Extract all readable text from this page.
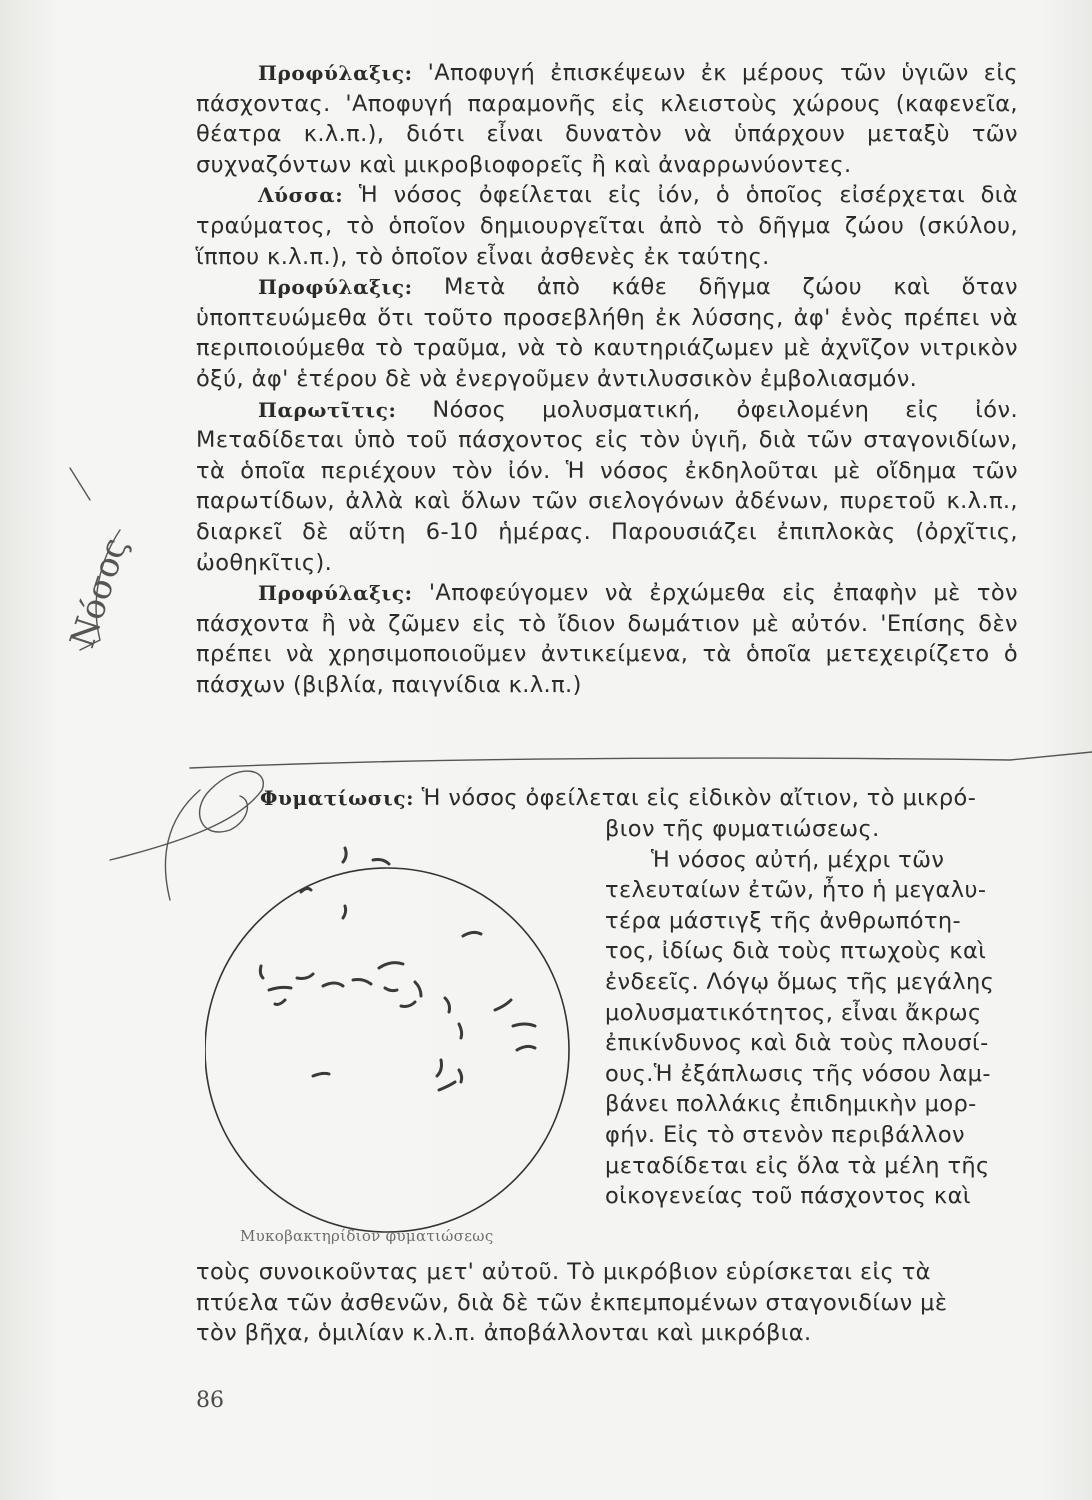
Προφύλαξις: 'Αποφυγή ἐπισκέψεων ἐκ μέρους τῶν ὑγιῶν εἰς πάσχοντας. 'Αποφυγή παραμονῆς εἰς κλειστοὺς χώρους (καφενεῖα, θέατρα κ.λ.π.), διότι εἶναι δυνατὸν νὰ ὑπάρχουν μεταξὺ τῶν συχναζόντων καὶ μικροβιοφορεῖς ἢ καὶ ἀναρρωνύοντες.

Λύσσα: Ἡ νόσος ὀφείλεται εἰς ἰόν, ὁ ὁποῖος εἰσέρχεται διὰ τραύματος, τὸ ὁποῖον δημιουργεῖται ἀπὸ τὸ δῆγμα ζώου (σκύλου, ἵππου κ.λ.π.), τὸ ὁποῖον εἶναι ἀσθενὲς ἐκ ταύτης.

Προφύλαξις: Μετὰ ἀπὸ κάθε δῆγμα ζώου καὶ ὅταν ὑποπτευώμεθα ὅτι τοῦτο προσεβλήθη ἐκ λύσσης, ἀφ' ἑνὸς πρέπει νὰ περιποιούμεθα τὸ τραῦμα, νὰ τὸ καυτηριάζωμεν μὲ ἀχνῖζον νιτρικὸν ὀξύ, ἀφ' ἑτέρου δὲ νὰ ἐνεργοῦμεν ἀντιλυσσικὸν ἐμβολιασμόν.

Παρωτῖτις: Νόσος μολυσματική, ὀφειλομένη εἰς ἰόν. Μεταδίδεται ὑπὸ τοῦ πάσχοντος εἰς τὸν ὑγιῆ, διὰ τῶν σταγονιδίων, τὰ ὁποῖα περιέχουν τὸν ἰόν. Ἡ νόσος ἐκδηλοῦται μὲ οἴδημα τῶν παρωτίδων, ἀλλὰ καὶ ὅλων τῶν σιελογόνων ἀδένων, πυρετοῦ κ.λ.π., διαρκεῖ δὲ αὕτη 6-10 ἡμέρας. Παρουσιάζει ἐπιπλοκὰς (ὀρχῖτις, ὠοθηκῖτις).

Προφύλαξις: 'Αποφεύγομεν νὰ ἐρχώμεθα εἰς ἐπαφὴν μὲ τὸν πάσχοντα ἢ νὰ ζῶμεν εἰς τὸ ἴδιον δωμάτιον μὲ αὐτόν. 'Επίσης δὲν πρέπει νὰ χρησιμοποιοῦμεν ἀντικείμενα, τὰ ὁποῖα μετεχειρίζετο ὁ πάσχων (βιβλία, παιγνίδια κ.λ.π.)

Φυματίωσις: Ἡ νόσος ὀφείλεται εἰς εἰδικὸν αἴτιον, τὸ μικρό-
βιον τῆς φυματιώσεως.
Ἡ νόσος αὐτή, μέχρι τῶν
τελευταίων ἐτῶν, ἦτο ἡ μεγαλυ-
τέρα μάστιγξ τῆς ἀνθρωπότη-
τος, ἰδίως διὰ τοὺς πτωχοὺς καὶ
ἐνδεεῖς. Λόγῳ ὅμως τῆς μεγάλης
μολυσματικότητος, εἶναι ἄκρως
ἐπικίνδυνος καὶ διὰ τοὺς πλουσί-
ους.Ἡ ἐξάπλωσις τῆς νόσου λαμ-
βάνει πολλάκις ἐπιδημικὴν μορ-
φήν. Εἰς τὸ στενὸν περιβάλλον
μεταδίδεται εἰς ὅλα τὰ μέλη τῆς
οἰκογενείας τοῦ πάσχοντος καὶ
Μυκοβακτηρίδιον φυματιώσεως
τοὺς συνοικοῦντας μετ' αὐτοῦ. Τὸ μικρόβιον εὑρίσκεται εἰς τὰ
πτύελα τῶν ἀσθενῶν, διὰ δὲ τῶν ἐκπεμπομένων σταγονιδίων μὲ
τὸν βῆχα, ὁμιλίαν κ.λ.π. ἀποβάλλονται καὶ μικρόβια.
86
Νόσος
